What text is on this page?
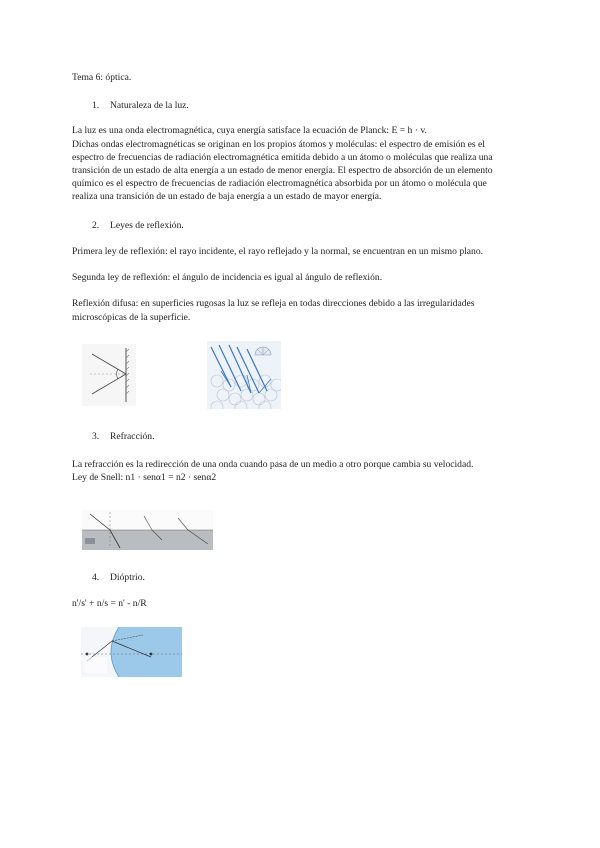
Tema 6: óptica.
1. Naturaleza de la luz.
La luz es una onda electromagnética, cuya energía satisface la ecuación de Planck: E = h · v.
Dichas ondas electromagnéticas se originan en los propios átomos y moléculas: el espectro de emisión es el
espectro de frecuencias de radiación electromagnética emitida debido a un átomo o moléculas que realiza una
transición de un estado de alta energía a un estado de menor energía. El espectro de absorción de un elemento
químico es el espectro de frecuencias de radiación electromagnética absorbida por un átomo o molécula que
realiza una transición de un estado de baja energía a un estado de mayor energía.
2. Leyes de reflexión.
Primera ley de reflexión: el rayo incidente, el rayo reflejado y la normal, se encuentran en un mismo plano.
Segunda ley de reflexión: el ángulo de incidencia es igual al ángulo de reflexión.
Reflexión difusa: en superficies rugosas la luz se refleja en todas direcciones debido a las irregularidades
microscópicas de la superficie.
3. Refracción.
La refracción es la redirección de una onda cuando pasa de un medio a otro porque cambia su velocidad.
Ley de Snell: n1 · senα1 = n2 · senα2
4. Dióptrio.
n'/s' + n/s = n' - n/R
